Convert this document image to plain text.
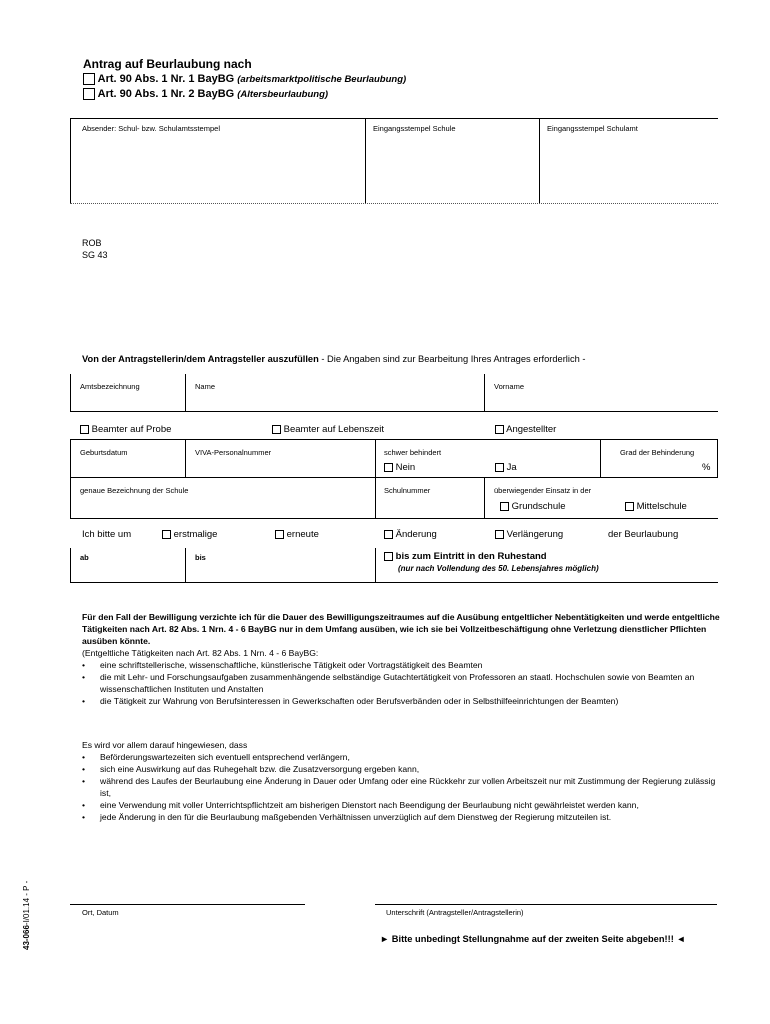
Antrag auf Beurlaubung nach
Art. 90 Abs. 1 Nr. 1 BayBG (arbeitsmarktpolitische Beurlaubung)
Art. 90 Abs. 1 Nr. 2 BayBG (Altersbeurlaubung)
Absender: Schul- bzw. Schulamtsstempel	Eingangsstempel Schule	Eingangsstempel Schulamt
ROB
SG 43
Von der Antragstellerin/dem Antragsteller auszufüllen - Die Angaben sind zur Bearbeitung Ihres Antrages erforderlich -
Amtsbezeichnung	Name	Vorname
Beamter auf Probe	Beamter auf Lebenszeit	Angestellter
Geburtsdatum	VIVA-Personalnummer	schwer behindert	Grad der Behinderung
Nein	Ja	%
genaue Bezeichnung der Schule	Schulnummer	überwiegender Einsatz in der
Grundschule	Mittelschule
Ich bitte um	erstmalige	erneute	Änderung	Verlängerung	der Beurlaubung
ab	bis	bis zum Eintritt in den Ruhestand
(nur nach Vollendung des 50. Lebensjahres möglich)
Für den Fall der Bewilligung verzichte ich für die Dauer des Bewilligungszeitraumes auf die Ausübung entgeltlicher Nebentätigkeiten und werde entgeltliche Tätigkeiten nach Art. 82 Abs. 1 Nrn. 4 - 6 BayBG nur in dem Umfang ausüben, wie ich sie bei Vollzeitbeschäftigung ohne Verletzung dienstlicher Pflichten ausüben könnte.
(Entgeltliche Tätigkeiten nach Art. 82 Abs. 1 Nrn. 4 - 6 BayBG:
• eine schriftstellerische, wissenschaftliche, künstlerische Tätigkeit oder Vortragstätigkeit des Beamten
• die mit Lehr- und Forschungsaufgaben zusammenhängende selbständige Gutachtertätigkeit von Professoren an staatl. Hochschulen sowie von Beamten an wissenschaftlichen Instituten und Anstalten
• die Tätigkeit zur Wahrung von Berufsinteressen in Gewerkschaften oder Berufsverbänden oder in Selbsthilfeeinrichtungen der Beamten)
Es wird vor allem darauf hingewiesen, dass
• Beförderungswartezeiten sich eventuell entsprechend verlängern,
• sich eine Auswirkung auf das Ruhegehalt bzw. die Zusatzversorgung ergeben kann,
• während des Laufes der Beurlaubung eine Änderung in Dauer oder Umfang oder eine Rückkehr zur vollen Arbeitszeit nur mit Zustimmung der Regierung zulässig ist,
• eine Verwendung mit voller Unterrichtspflichtzeit am bisherigen Dienstort nach Beendigung der Beurlaubung nicht gewährleistet werden kann,
• jede Änderung in den für die Beurlaubung maßgebenden Verhältnissen unverzüglich auf dem Dienstweg der Regierung mitzuteilen ist.
Ort, Datum	Unterschrift (Antragsteller/Antragstellerin)
► Bitte unbedingt Stellungnahme auf der zweiten Seite abgeben!!! ◄
43-066-I/01.14 - P -
